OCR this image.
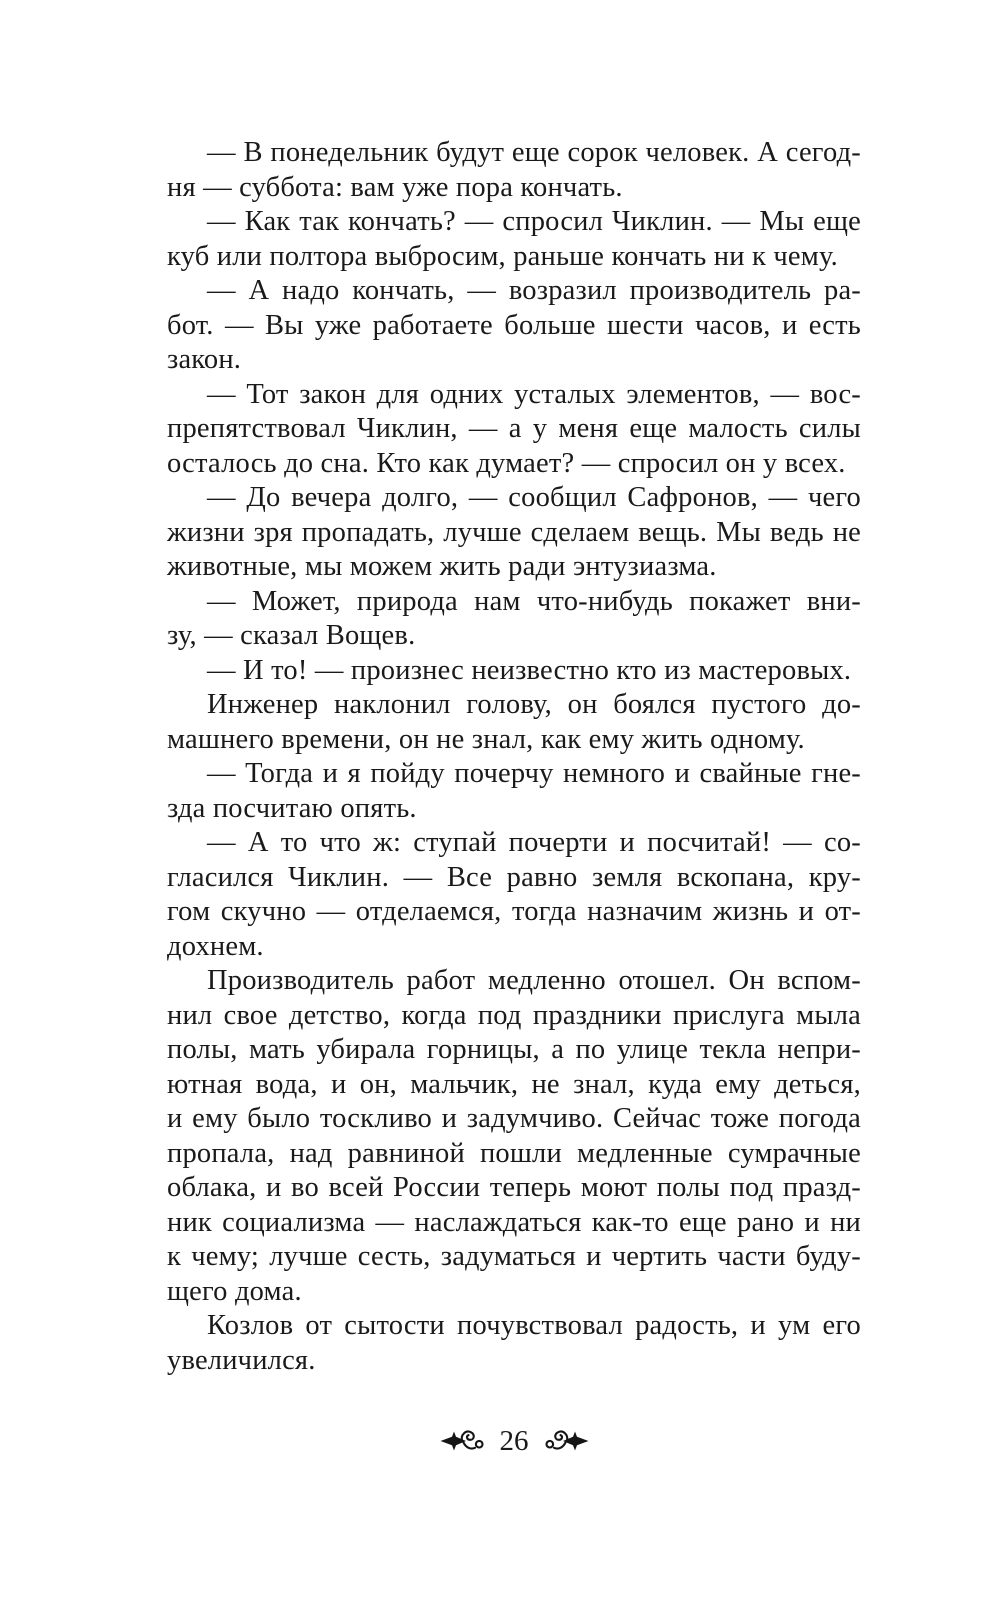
— В понедельник будут еще сорок человек. А сегод-
ня — суббота: вам уже пора кончать.
— Как так кончать? — спросил Чиклин. — Мы еще
куб или полтора выбросим, раньше кончать ни к чему.
— А надо кончать, — возразил производитель ра-
бот. — Вы уже работаете больше шести часов, и есть
закон.
— Тот закон для одних усталых элементов, — вос-
препятствовал Чиклин, — а у меня еще малость силы
осталось до сна. Кто как думает? — спросил он у всех.
— До вечера долго, — сообщил Сафронов, — чего
жизни зря пропадать, лучше сделаем вещь. Мы ведь не
животные, мы можем жить ради энтузиазма.
— Может, природа нам что-нибудь покажет вни-
зу, — сказал Вощев.
— И то! — произнес неизвестно кто из мастеровых.
Инженер наклонил голову, он боялся пустого до-
машнего времени, он не знал, как ему жить одному.
— Тогда и я пойду почерчу немного и свайные гне-
зда посчитаю опять.
— А то что ж: ступай почерти и посчитай! — со-
гласился Чиклин. — Все равно земля вскопана, кру-
гом скучно — отделаемся, тогда назначим жизнь и от-
дохнем.
Производитель работ медленно отошел. Он вспом-
нил свое детство, когда под праздники прислуга мыла
полы, мать убирала горницы, а по улице текла непри-
ютная вода, и он, мальчик, не знал, куда ему деться,
и ему было тоскливо и задумчиво. Сейчас тоже погода
пропала, над равниной пошли медленные сумрачные
облака, и во всей России теперь моют полы под празд-
ник социализма — наслаждаться как-то еще рано и ни
к чему; лучше сесть, задуматься и чертить части буду-
щего дома.
Козлов от сытости почувствовал радость, и ум его
увеличился.
26
